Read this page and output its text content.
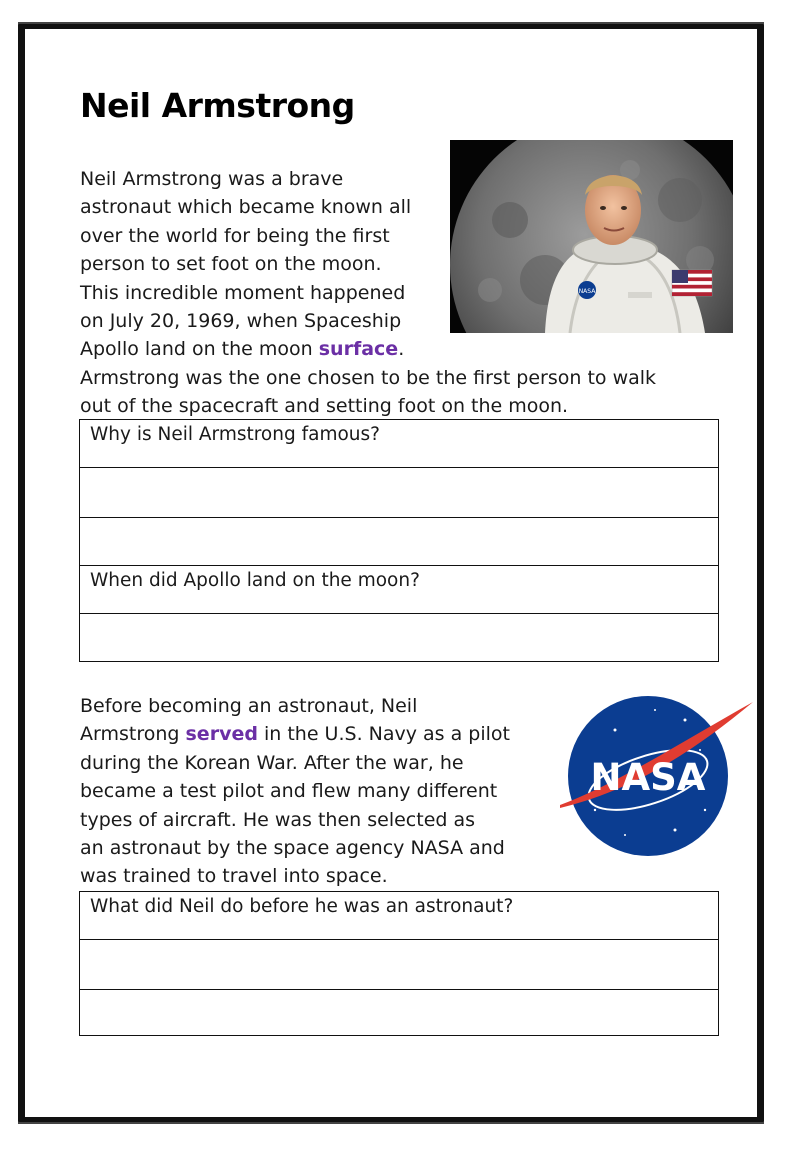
Neil Armstrong
Neil Armstrong was a brave
astronaut which became known all
over the world for being the first
person to set foot on the moon.
This incredible moment happened
on July 20, 1969, when Spaceship
Apollo land on the moon surface.
Armstrong was the one chosen to be the first person to walk
out of the spacecraft and setting foot on the moon.
NASA
Why is Neil Armstrong famous?
When did Apollo land on the moon?
Before becoming an astronaut, Neil
Armstrong served in the U.S. Navy as a pilot
during the Korean War. After the war, he
became a test pilot and flew many different
types of aircraft. He was then selected as
an astronaut by the space agency NASA and
was trained to travel into space.
NASA
What did Neil do before he was an astronaut?
